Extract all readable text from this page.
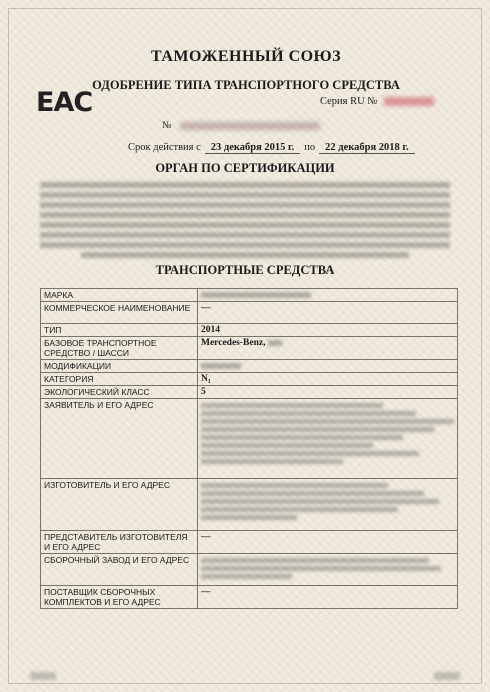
ТАМОЖЕННЫЙ СОЮЗ
ОДОБРЕНИЕ ТИПА ТРАНСПОРТНОГО СРЕДСТВА
ЕАС	Серия RU №
№
Срок действия с 23 декабря 2015 г. по 22 декабря 2018 г.
ОРГАН ПО СЕРТИФИКАЦИИ
ТРАНСПОРТНЫЕ СРЕДСТВА
МАРКА	
КОММЕРЧЕСКОЕ НАИМЕНОВАНИЕ	—
ТИП	2014
БАЗОВОЕ ТРАНСПОРТНОЕ СРЕДСТВО / ШАССИ	Mercedes-Benz,
МОДИФИКАЦИИ	
КАТЕГОРИЯ	N₁
ЭКОЛОГИЧЕСКИЙ КЛАСС	5
ЗАЯВИТЕЛЬ И ЕГО АДРЕС	

ИЗГОТОВИТЕЛЬ И ЕГО АДРЕС	

ПРЕДСТАВИТЕЛЬ ИЗГОТОВИТЕЛЯ И ЕГО АДРЕС	—
СБОРОЧНЫЙ ЗАВОД И ЕГО АДРЕС	

ПОСТАВЩИК СБОРОЧНЫХ КОМПЛЕКТОВ И ЕГО АДРЕС	—
